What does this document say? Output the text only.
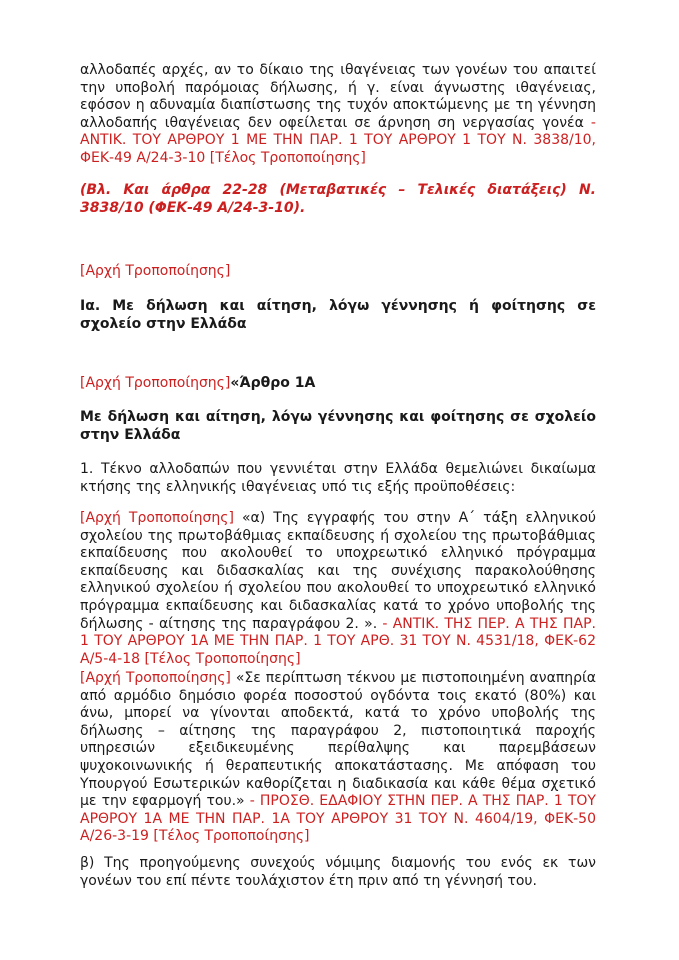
αλλοδαπές αρχές, αν το δίκαιο της ιθαγένειας των γονέων του απαιτεί την υποβολή παρόμοιας δήλωσης, ή γ. είναι άγνωστης ιθαγένειας, εφόσον η αδυναμία διαπίστωσης της τυχόν αποκτώμενης με τη γέννηση αλλοδαπής ιθαγένειας δεν οφείλεται σε άρνηση ση νεργασίας γονέα - ΑΝΤΙΚ. ΤΟΥ ΑΡΘΡΟΥ 1 ΜΕ ΤΗΝ ΠΑΡ. 1 ΤΟΥ ΑΡΘΡΟΥ 1 ΤΟΥ Ν. 3838/10, ΦΕΚ-49 Α/24-3-10 [Τέλος Τροποποίησης]

(Βλ. Και άρθρα 22-28 (Μεταβατικές – Τελικές διατάξεις) Ν. 3838/10 (ΦΕΚ-49 Α/24-3-10).

[Αρχή Τροποποίησης]

Ια. Με δήλωση και αίτηση, λόγω γέννησης ή φοίτησης σε σχολείο στην Ελλάδα

[Αρχή Τροποποίησης]«Άρθρο 1Α

Με δήλωση και αίτηση, λόγω γέννησης και φοίτησης σε σχολείο στην Ελλάδα

1. Τέκνο αλλοδαπών που γεννιέται στην Ελλάδα θεμελιώνει δικαίωμα κτήσης της ελληνικής ιθαγένειας υπό τις εξής προϋποθέσεις:

[Αρχή Τροποποίησης] «α) Της εγγραφής του στην Α΄ τάξη ελληνικού σχολείου της πρωτοβάθμιας εκπαίδευσης ή σχολείου της πρωτοβάθμιας εκπαίδευσης που ακολουθεί το υποχρεωτικό ελληνικό πρόγραμμα εκπαίδευσης και διδασκαλίας και της συνέχισης παρακολούθησης ελληνικού σχολείου ή σχολείου που ακολουθεί το υποχρεωτικό ελληνικό πρόγραμμα εκπαίδευσης και διδασκαλίας κατά το χρόνο υποβολής της δήλωσης - αίτησης της παραγράφου 2. ». - ΑΝΤΙΚ. ΤΗΣ ΠΕΡ. Α ΤΗΣ ΠΑΡ. 1 ΤΟΥ ΑΡΘΡΟΥ 1Α ΜΕ ΤΗΝ ΠΑΡ. 1 ΤΟΥ ΑΡΘ. 31 ΤΟΥ Ν. 4531/18, ΦΕΚ-62 Α/5-4-18 [Τέλος Τροποποίησης]

[Αρχή Τροποποίησης] «Σε περίπτωση τέκνου με πιστοποιημένη αναπηρία από αρμόδιο δημόσιο φορέα ποσοστού ογδόντα τοις εκατό (80%) και άνω, μπορεί να γίνονται αποδεκτά, κατά το χρόνο υποβολής της δήλωσης – αίτησης της παραγράφου 2, πιστοποιητικά παροχής υπηρεσιών εξειδικευμένης περίθαλψης και παρεμβάσεων ψυχοκοινωνικής ή θεραπευτικής αποκατάστασης. Με απόφαση του Υπουργού Εσωτερικών καθορίζεται η διαδικασία και κάθε θέμα σχετικό με την εφαρμογή του.» - ΠΡΟΣΘ. ΕΔΑΦΙΟΥ ΣΤΗΝ ΠΕΡ. Α ΤΗΣ ΠΑΡ. 1 ΤΟΥ ΑΡΘΡΟΥ 1Α ΜΕ ΤΗΝ ΠΑΡ. 1Α ΤΟΥ ΑΡΘΡΟΥ 31 ΤΟΥ Ν. 4604/19, ΦΕΚ-50 Α/26-3-19 [Τέλος Τροποποίησης]

β) Της προηγούμενης συνεχούς νόμιμης διαμονής του ενός εκ των γονέων του επί πέντε τουλάχιστον έτη πριν από τη γέννησή του.
